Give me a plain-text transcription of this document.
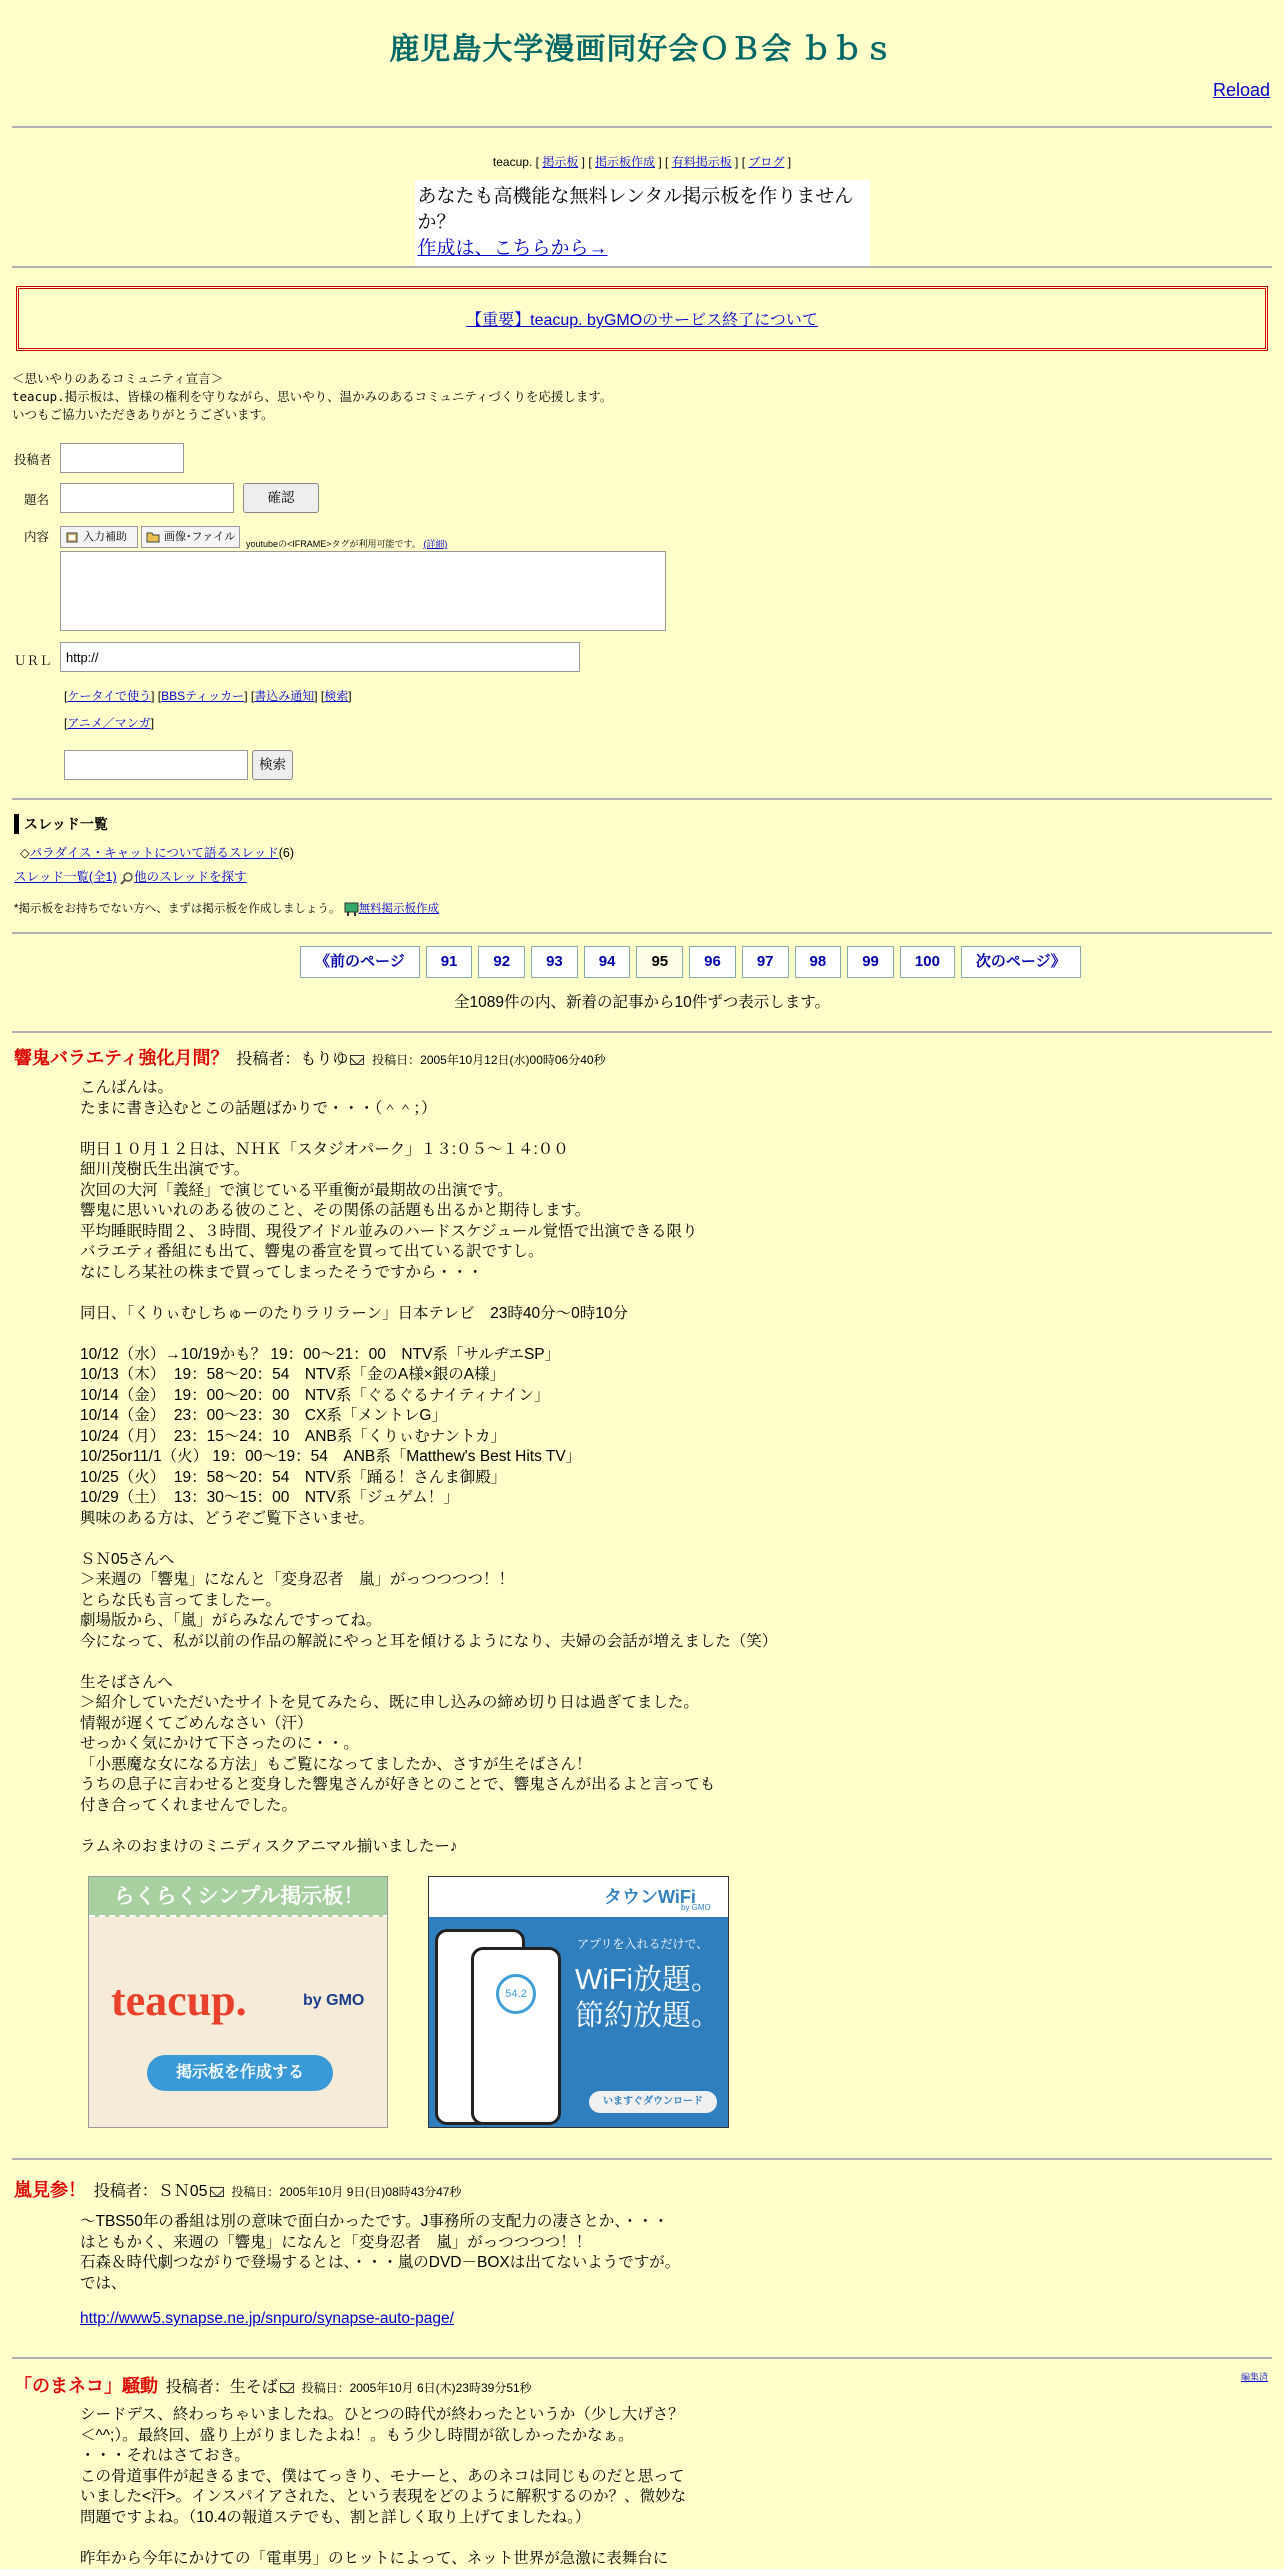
鹿児島大学漫画同好会ＯＢ会 ｂｂｓ
Reload
teacup. [ 掲示板 ] [ 掲示板作成 ] [ 有料掲示板 ] [ ブログ ]
あなたも高機能な無料レンタル掲示板を作りませんか？
作成は、こちらから→
【重要】teacup. byGMOのサービス終了について
＜思いやりのあるコミュニティ宣言＞
teacup.掲示板は、皆様の権利を守りながら、思いやり、温かみのあるコミュニティづくりを応援します。
いつもご協力いただきありがとうございます。
投稿者
題名	確認
内容	入力補助	画像･ファイル
youtubeの<IFRAME>タグが利用可能です。 (詳細)
ＵＲＬ	http://
[ケータイで使う] [BBSティッカー] [書込み通知] [検索]
[アニメ／マンガ]
検索
スレッド一覧
◇パラダイス・キャットについて語るスレッド(6)
スレッド一覧(全1) 他のスレッドを探す
*掲示板をお持ちでない方へ、まずは掲示板を作成しましょう。 無料掲示板作成
《前のページ	91	92	93	94	95	96	97	98	99	100	次のページ》
全1089件の内、新着の記事から10件ずつ表示します。
響鬼バラエティ強化月間？ 投稿者：もりゆ 投稿日：2005年10月12日(水)00時06分40秒
こんばんは。
たまに書き込むとこの話題ばかりで・・・（＾＾；）

明日１０月１２日は、ＮＨＫ「スタジオパーク」１３:０５～１４:００
細川茂樹氏生出演です。
次回の大河「義経」で演じている平重衡が最期故の出演です。
響鬼に思いいれのある彼のこと、その関係の話題も出るかと期待します。
平均睡眠時間２、３時間、現役アイドル並みのハードスケジュール覚悟で出演できる限り
バラエティ番組にも出て、響鬼の番宣を買って出ている訳ですし。
なにしろ某社の株まで買ってしまったそうですから・・・

同日、「くりぃむしちゅーのたりラリラーン」日本テレビ　23時40分～0時10分

10/12（水）→10/19かも？ 19：00～21：00　NTV系「サルヂエSP」
10/13（木）  19：58～20：54　NTV系「金のA様×銀のA様」
10/14（金）  19：00～20：00　NTV系「ぐるぐるナイティナイン」
10/14（金）  23：00～23：30　CX系「メントレG」
10/24（月）  23：15～24：10　ANB系「くりぃむナントカ」
10/25or11/1（火） 19：00～19：54　ANB系「Matthew's Best Hits TV」
10/25（火）  19：58～20：54　NTV系「踊る！さんま御殿」
10/29（土）  13：30～15：00　NTV系「ジュゲム！」
興味のある方は、どうぞご覧下さいませ。

ＳＮ05さんへ
＞来週の「響鬼」になんと「変身忍者　嵐」がっつつつつ！！
とらな氏も言ってましたー。
劇場版から、「嵐」がらみなんですってね。
今になって、私が以前の作品の解説にやっと耳を傾けるようになり、夫婦の会話が増えました（笑）

生そばさんへ
＞紹介していただいたサイトを見てみたら、既に申し込みの締め切り日は過ぎてました。
情報が遅くてごめんなさい（汗）
せっかく気にかけて下さったのに・・。
「小悪魔な女になる方法」もご覧になってましたか、さすが生そばさん！
うちの息子に言わせると変身した響鬼さんが好きとのことで、響鬼さんが出るよと言っても
付き合ってくれませんでした。

ラムネのおまけのミニディスクアニマル揃いましたー♪
らくらくシンプル掲示板！
teacup.	by GMO
掲示板を作成する
タウンWiFi
by GMO
54.2
アプリを入れるだけで、
WiFi放題。
節約放題。
いますぐダウンロード
嵐見参！ 投稿者：ＳＮ05 投稿日：2005年10月 9日(日)08時43分47秒
～TBS50年の番組は別の意味で面白かったです。J事務所の支配力の凄さとか、・・・
はともかく、来週の「響鬼」になんと「変身忍者　嵐」がっつつつつ！！
石森＆時代劇つながりで登場するとは、・・・嵐のDVD－BOXは出てないようですが。
では、
http://www5.synapse.ne.jp/snpuro/synapse-auto-page/
編集済
「のまネコ」騒動 投稿者：生そば 投稿日：2005年10月 6日(木)23時39分51秒
シードデス、終わっちゃいましたね。ひとつの時代が終わったというか（少し大げさ？
＜^^;）。最終回、盛り上がりましたよね！。もう少し時間が欲しかったかなぁ。
・・・それはさておき。
この骨道事件が起きるまで、僕はてっきり、モナーと、あのネコは同じものだと思って
いました<汗>。インスパイアされた、という表現をどのように解釈するのか？、微妙な
問題ですよね。（10.4の報道ステでも、割と詳しく取り上げてましたね。）

昨年から今年にかけての「電車男」のヒットによって、ネット世界が急激に表舞台に
